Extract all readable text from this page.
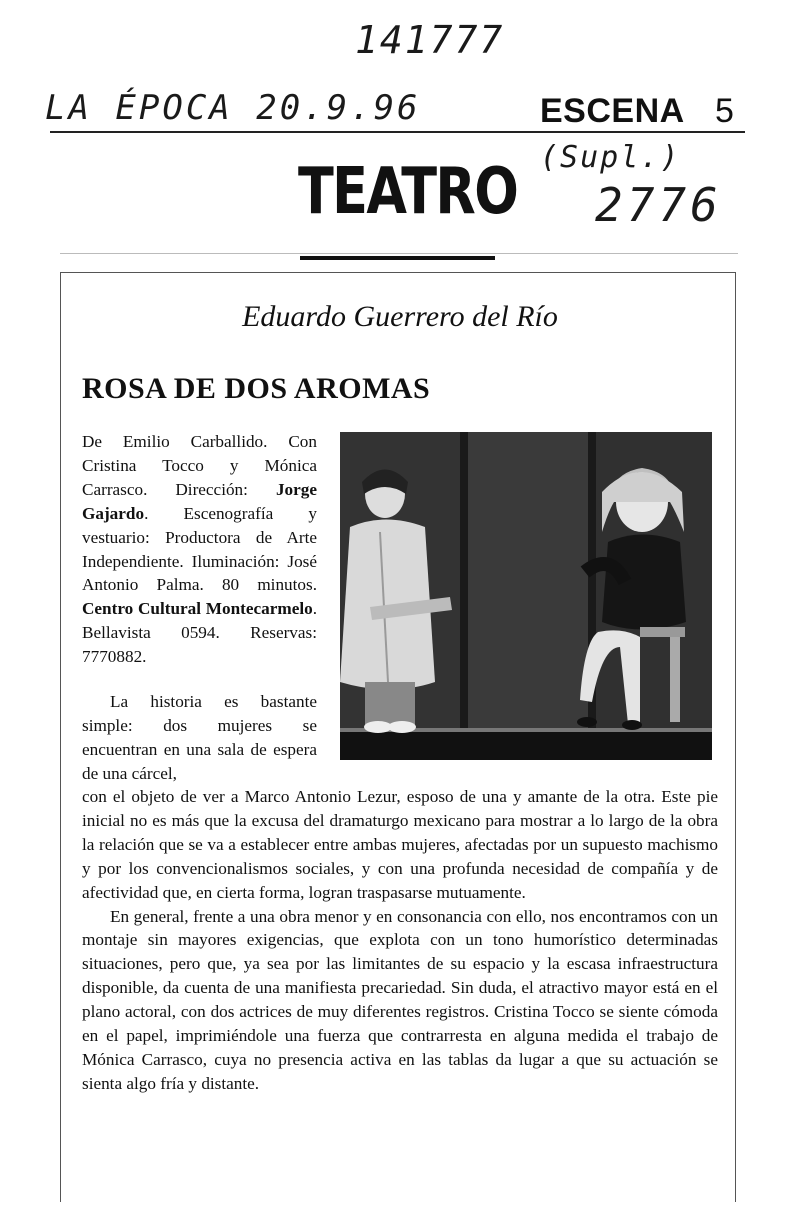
141777
LA ÉPOCA 20.9.96
(Supl.)
2776
ESCENA 5
TEATRO
Eduardo Guerrero del Río
ROSA DE DOS AROMAS

De Emilio Carballido. Con Cristina Tocco y Mónica Carrasco. Dirección: Jorge Gajardo. Escenografía y vestuario: Productora de Arte Independiente. Iluminación: José Antonio Palma. 80 minutos. Centro Cultural Montecarmelo. Bellavista 0594. Reservas: 7770882.

La historia es bastante simple: dos mujeres se encuentran en una sala de espera de una cárcel,

con el objeto de ver a Marco Antonio Lezur, esposo de una y amante de la otra. Este pie inicial no es más que la excusa del dramaturgo mexicano para mostrar a lo largo de la obra la relación que se va a establecer entre ambas mujeres, afectadas por un supuesto machismo y por los convencionalismos sociales, y con una profunda necesidad de compañía y de afectividad que, en cierta forma, logran traspasarse mutuamente.

En general, frente a una obra menor y en consonancia con ello, nos encontramos con un montaje sin mayores exigencias, que explota con un tono humorístico determinadas situaciones, pero que, ya sea por las limitantes de su espacio y la escasa infraestructura disponible, da cuenta de una manifiesta precariedad. Sin duda, el atractivo mayor está en el plano actoral, con dos actrices de muy diferentes registros. Cristina Tocco se siente cómoda en el papel, imprimiéndole una fuerza que contrarresta en alguna medida el trabajo de Mónica Carrasco, cuya no presencia activa en las tablas da lugar a que su actuación se sienta algo fría y distante.
